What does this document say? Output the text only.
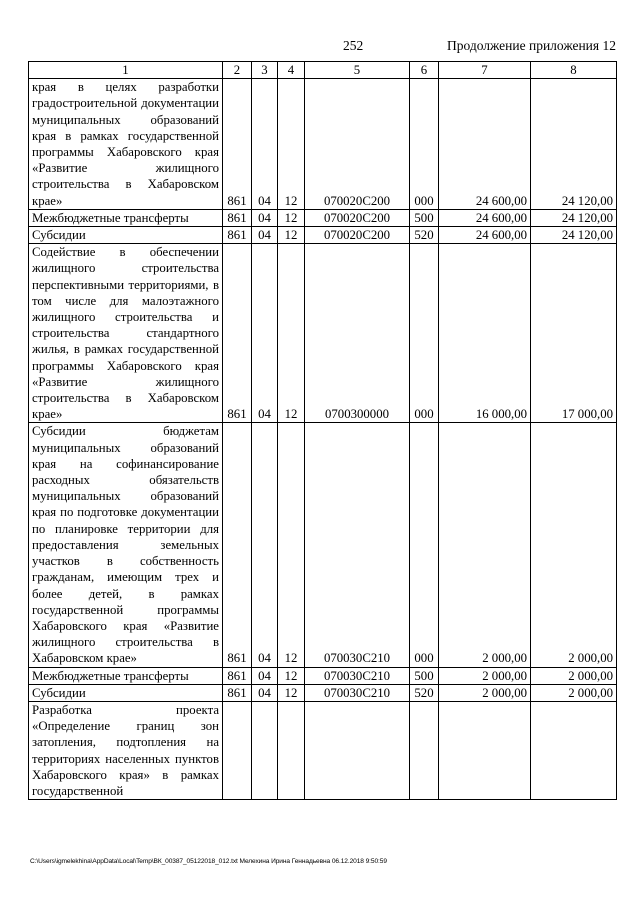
252	Продолжение приложения 12
1	2	3	4	5	6	7	8
края в целях разработки градостроительной документации муниципальных образований края в рамках государственной программы Хабаровского края «Развитие жилищного строительства в Хабаровском крае»	861	04	12	070020C200	000	24 600,00	24 120,00
Межбюджетные трансферты	861	04	12	070020C200	500	24 600,00	24 120,00
Субсидии	861	04	12	070020C200	520	24 600,00	24 120,00
Содействие в обеспечении жилищного строительства перспективными территориями, в том числе для малоэтажного жилищного строительства и строительства стандартного жилья, в рамках государственной программы Хабаровского края «Развитие жилищного строительства в Хабаровском крае»	861	04	12	0700300000	000	16 000,00	17 000,00
Субсидии бюджетам муниципальных образований края на софинансирование расходных обязательств муниципальных образований края по подготовке документации по планировке территории для предоставления земельных участков в собственность гражданам, имеющим трех и более детей, в рамках государственной программы Хабаровского края «Развитие жилищного строительства в Хабаровском крае»	861	04	12	070030C210	000	2 000,00	2 000,00
Межбюджетные трансферты	861	04	12	070030C210	500	2 000,00	2 000,00
Субсидии	861	04	12	070030C210	520	2 000,00	2 000,00
Разработка проекта «Определение границ зон затопления, подтопления на территориях населенных пунктов Хабаровского края» в рамках государственной							
C:\Users\igmelekhina\AppData\Local\Temp\ВК_00387_05122018_012.txt Мелехина Ирина Геннадьевна 06.12.2018 9:50:59
